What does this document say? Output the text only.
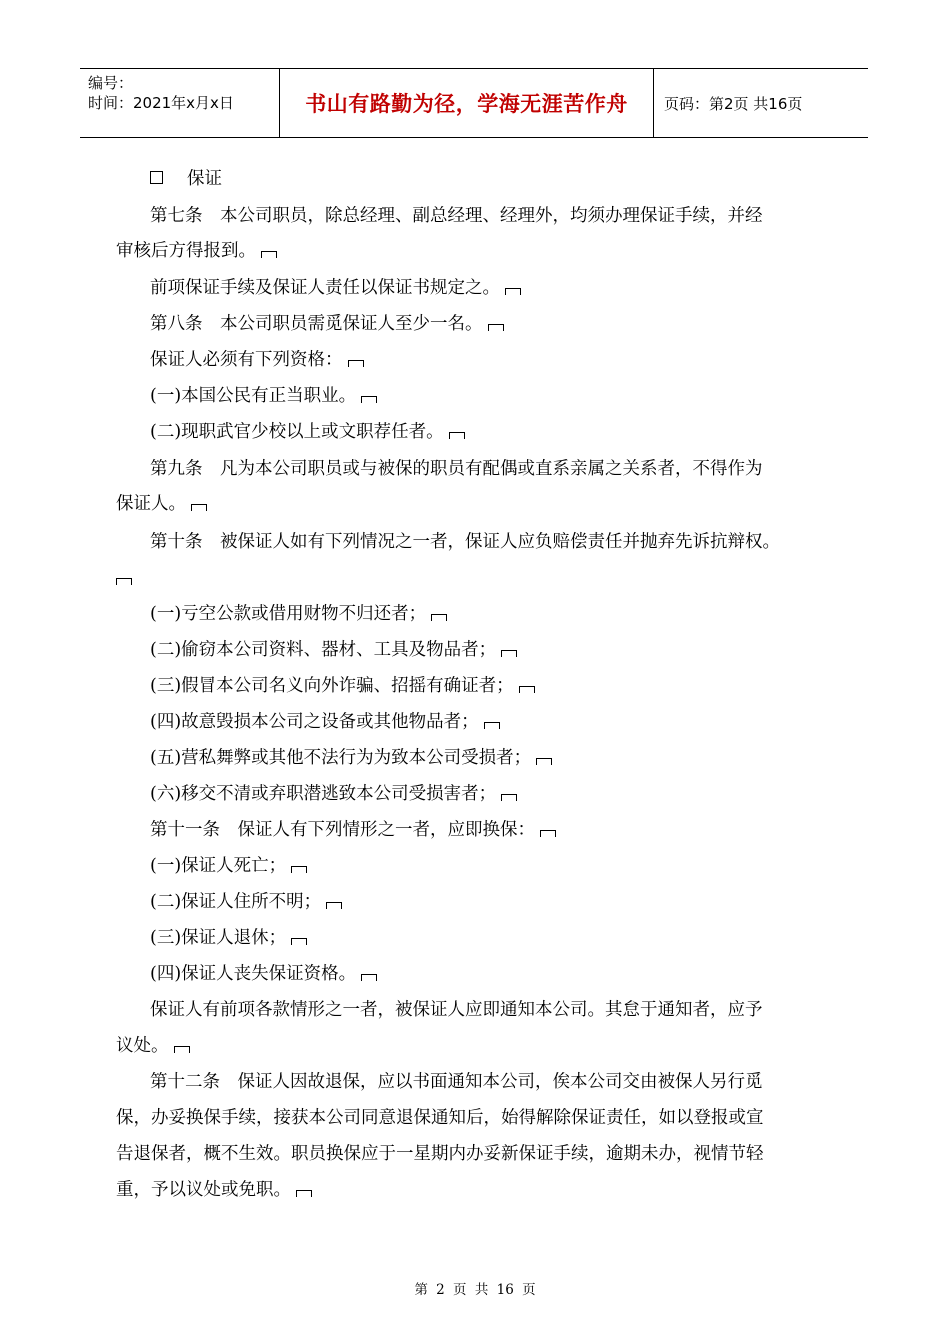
编号：
时间：2021年x月x日	书山有路勤为径，学海无涯苦作舟 页码：第2页 共16页
保证
第七条　本公司职员，除总经理、副总经理、经理外，均须办理保证手续，并经
审核后方得报到。
前项保证手续及保证人责任以保证书规定之。
第八条　本公司职员需觅保证人至少一名。
保证人必须有下列资格：
(一)本国公民有正当职业。
(二)现职武官少校以上或文职荐任者。
第九条　凡为本公司职员或与被保的职员有配偶或直系亲属之关系者，不得作为
保证人。
第十条　被保证人如有下列情况之一者，保证人应负赔偿责任并抛弃先诉抗辩权。
(一)亏空公款或借用财物不归还者；
(二)偷窃本公司资料、器材、工具及物品者；
(三)假冒本公司名义向外诈骗、招摇有确证者；
(四)故意毁损本公司之设备或其他物品者；
(五)营私舞弊或其他不法行为为致本公司受损者；
(六)移交不清或弃职潜逃致本公司受损害者；
第十一条　保证人有下列情形之一者，应即换保：
(一)保证人死亡；
(二)保证人住所不明；
(三)保证人退休；
(四)保证人丧失保证资格。
保证人有前项各款情形之一者，被保证人应即通知本公司。其怠于通知者，应予
议处。
第十二条　保证人因故退保，应以书面通知本公司，俟本公司交由被保人另行觅
保，办妥换保手续，接获本公司同意退保通知后，始得解除保证责任，如以登报或宣
告退保者，概不生效。职员换保应于一星期内办妥新保证手续，逾期未办，视情节轻
重，予以议处或免职。
第 2 页 共 16 页
